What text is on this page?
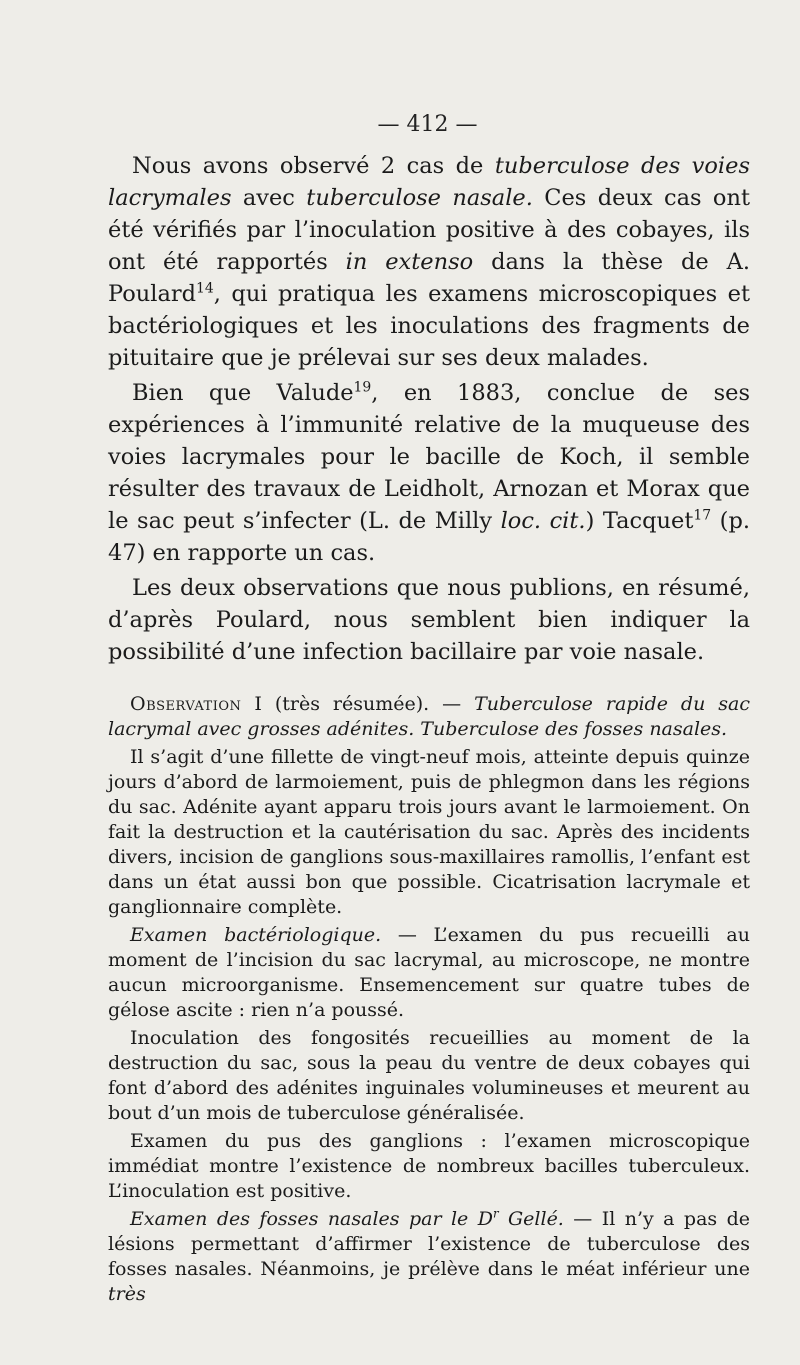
— 412 —

Nous avons observé 2 cas de tuberculose des voies lacrymales avec tuberculose nasale. Ces deux cas ont été vérifiés par l’inoculation positive à des cobayes, ils ont été rapportés in extenso dans la thèse de A. Poulard$^{14}$, qui pratiqua les examens microscopiques et bactériologiques et les inoculations des fragments de pituitaire que je prélevai sur ses deux malades.

Bien que Valude$^{19}$, en 1883, conclue de ses expériences à l’immunité relative de la muqueuse des voies lacrymales pour le bacille de Koch, il semble résulter des travaux de Leidholt, Arnozan et Morax que le sac peut s’infecter (L. de Milly loc. cit.) Tacquet$^{17}$ (p. 47) en rapporte un cas.

Les deux observations que nous publions, en résumé, d’après Poulard, nous semblent bien indiquer la possibilité d’une infection bacillaire par voie nasale.

Observation I (très résumée). — Tuberculose rapide du sac lacrymal avec grosses adénites. Tuberculose des fosses nasales.

Il s’agit d’une fillette de vingt-neuf mois, atteinte depuis quinze jours d’abord de larmoiement, puis de phlegmon dans les régions du sac. Adénite ayant apparu trois jours avant le larmoiement. On fait la destruction et la cautérisation du sac. Après des incidents divers, incision de ganglions sous-maxillaires ramollis, l’enfant est dans un état aussi bon que possible. Cicatrisation lacrymale et ganglionnaire complète.

Examen bactériologique. — L’examen du pus recueilli au moment de l’incision du sac lacrymal, au microscope, ne montre aucun microorganisme. Ensemencement sur quatre tubes de gélose ascite : rien n’a poussé.

Inoculation des fongosités recueillies au moment de la destruction du sac, sous la peau du ventre de deux cobayes qui font d’abord des adénites inguinales volumineuses et meurent au bout d’un mois de tuberculose généralisée.

Examen du pus des ganglions : l’examen microscopique immédiat montre l’existence de nombreux bacilles tuberculeux. L’inoculation est positive.

Examen des fosses nasales par le D$^r$ Gellé. — Il n’y a pas de lésions permettant d’affirmer l’existence de tuberculose des fosses nasales. Néanmoins, je prélève dans le méat inférieur une très
